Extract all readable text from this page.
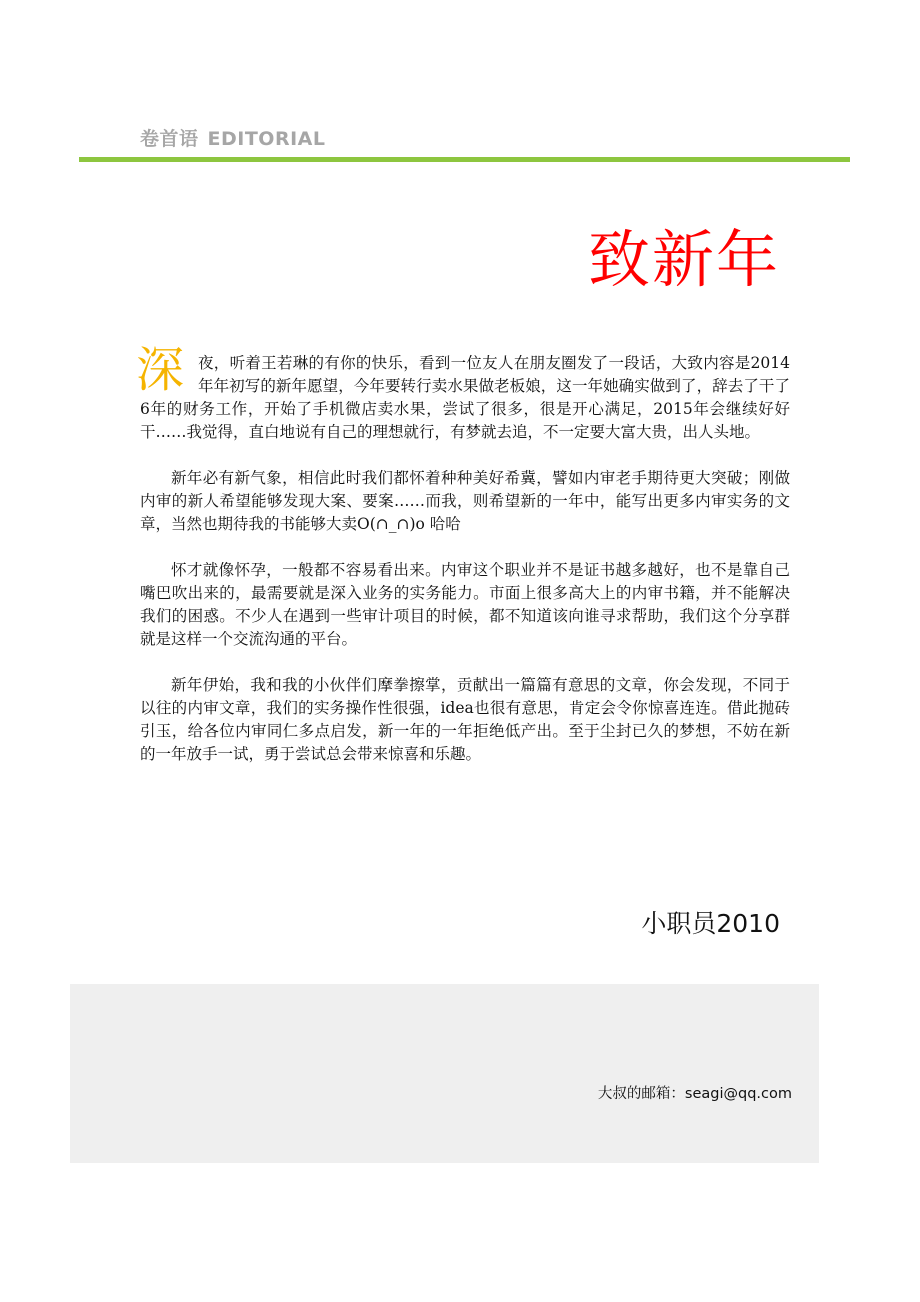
卷首语 EDITORIAL
致新年

深夜，听着王若琳的有你的快乐，看到一位友人在朋友圈发了一段话，大致内容是2014年年初写的新年愿望，今年要转行卖水果做老板娘，这一年她确实做到了，辞去了干了6年的财务工作，开始了手机微店卖水果，尝试了很多，很是开心满足，2015年会继续好好干……我觉得，直白地说有自己的理想就行，有梦就去追，不一定要大富大贵，出人头地。

新年必有新气象，相信此时我们都怀着种种美好希冀，譬如内审老手期待更大突破；刚做内审的新人希望能够发现大案、要案……而我，则希望新的一年中，能写出更多内审实务的文章，当然也期待我的书能够大卖O(∩_∩)o 哈哈

怀才就像怀孕，一般都不容易看出来。内审这个职业并不是证书越多越好，也不是靠自己嘴巴吹出来的，最需要就是深入业务的实务能力。市面上很多高大上的内审书籍，并不能解决我们的困惑。不少人在遇到一些审计项目的时候，都不知道该向谁寻求帮助，我们这个分享群就是这样一个交流沟通的平台。

新年伊始，我和我的小伙伴们摩拳擦掌，贡献出一篇篇有意思的文章，你会发现，不同于以往的内审文章，我们的实务操作性很强，idea也很有意思，肯定会令你惊喜连连。借此抛砖引玉，给各位内审同仁多点启发，新一年的一年拒绝低产出。至于尘封已久的梦想，不妨在新的一年放手一试，勇于尝试总会带来惊喜和乐趣。

小职员2010
大叔的邮箱：seagi@qq.com
